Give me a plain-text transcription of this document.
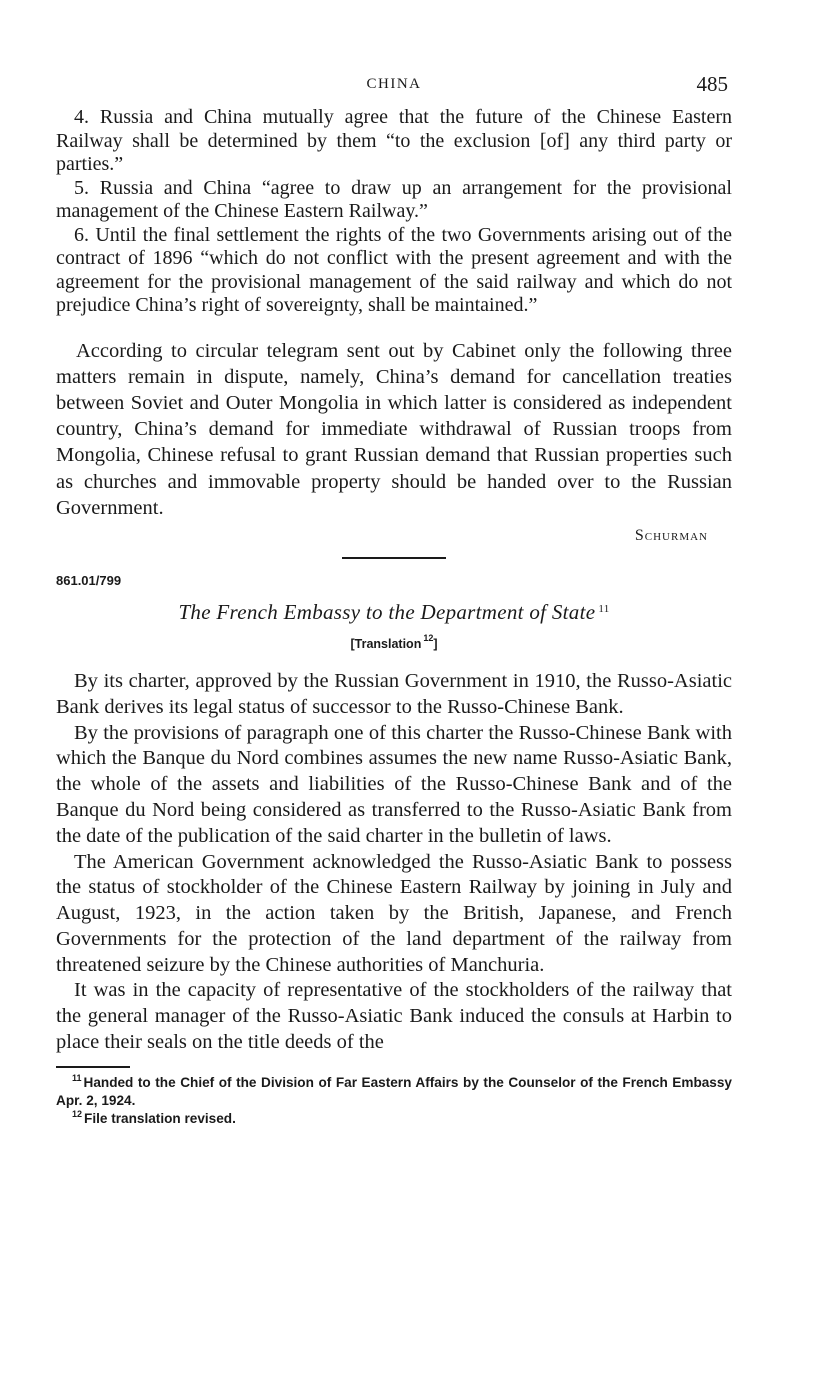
CHINA	485

4. Russia and China mutually agree that the future of the Chinese Eastern Railway shall be determined by them “to the exclusion [of] any third party or parties.”

5. Russia and China “agree to draw up an arrangement for the provisional management of the Chinese Eastern Railway.”

6. Until the final settlement the rights of the two Governments arising out of the contract of 1896 “which do not conflict with the present agreement and with the agreement for the provisional management of the said railway and which do not prejudice China’s right of sovereignty, shall be maintained.”

According to circular telegram sent out by Cabinet only the following three matters remain in dispute, namely, China’s demand for cancellation treaties between Soviet and Outer Mongolia in which latter is considered as independent country, China’s demand for immediate withdrawal of Russian troops from Mongolia, Chinese refusal to grant Russian demand that Russian properties such as churches and immovable property should be handed over to the Russian Government.

Schurman
861.01/799
The French Embassy to the Department of State $^{11}$
[Translation $^{12}$]

By its charter, approved by the Russian Government in 1910, the Russo-Asiatic Bank derives its legal status of successor to the Russo-Chinese Bank.

By the provisions of paragraph one of this charter the Russo-Chinese Bank with which the Banque du Nord combines assumes the new name Russo-Asiatic Bank, the whole of the assets and liabilities of the Russo-Chinese Bank and of the Banque du Nord being considered as transferred to the Russo-Asiatic Bank from the date of the publication of the said charter in the bulletin of laws.

The American Government acknowledged the Russo-Asiatic Bank to possess the status of stockholder of the Chinese Eastern Railway by joining in July and August, 1923, in the action taken by the British, Japanese, and French Governments for the protection of the land department of the railway from threatened seizure by the Chinese authorities of Manchuria.

It was in the capacity of representative of the stockholders of the railway that the general manager of the Russo-Asiatic Bank induced the consuls at Harbin to place their seals on the title deeds of the

$^{11}$ Handed to the Chief of the Division of Far Eastern Affairs by the Counselor of the French Embassy Apr. 2, 1924.

$^{12}$ File translation revised.
